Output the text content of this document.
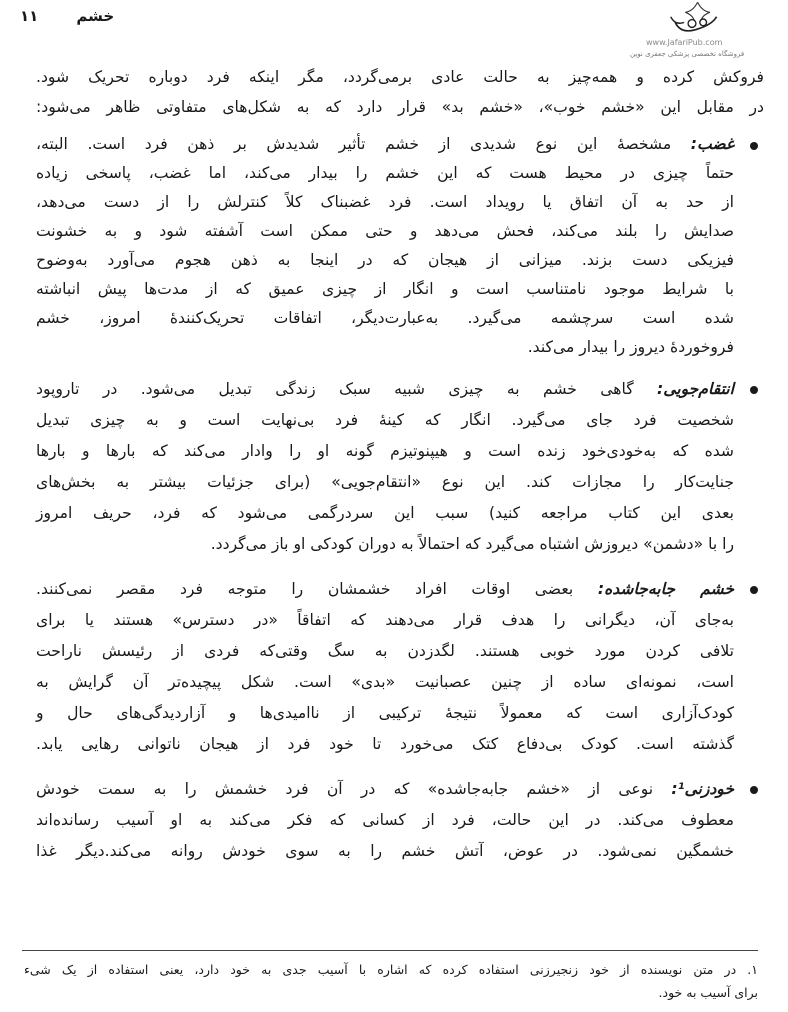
۱۱	خشم
www.JafariPub.com
فروشگاه تخصصی پزشکی جعفری نوین
فروکش کرده و همه‌چیز به حالت عادی برمی‌گردد، مگر اینکه فرد دوباره تحریک شود.
در مقابل این «خشم خوب»، «خشم بد» قرار دارد که به شکل‌های متفاوتی ظاهر می‌شود:
غضب: مشخصهٔ این نوع شدیدی از خشم تأثیر شدیدش بر ذهن فرد است. البته،
حتماً چیزی در محیط هست که این خشم را بیدار می‌کند، اما غضب، پاسخی زیاده
از حد به آن اتفاق یا رویداد است. فرد غضبناک کلاً کنترلش را از دست می‌دهد،
صدایش را بلند می‌کند، فحش می‌دهد و حتی ممکن است آشفته شود و به خشونت
فیزیکی دست بزند. میزانی از هیجان که در اینجا به ذهن هجوم می‌آورد به‌وضوح
با شرایط موجود نامتناسب است و انگار از چیزی عمیق که از مدت‌ها پیش انباشته
شده است سرچشمه می‌گیرد. به‌عبارت‌دیگر، اتفاقات تحریک‌کنندهٔ امروز، خشم
فروخوردهٔ دیروز را بیدار می‌کند.
انتقام‌جویی: گاهی خشم به چیزی شبیه سبک زندگی تبدیل می‌شود. در تاروپود
شخصیت فرد جای می‌گیرد. انگار که کینهٔ فرد بی‌نهایت است و به چیزی تبدیل
شده که به‌خودی‌خود زنده است و هیپنوتیزم گونه او را وادار می‌کند که بارها و بارها
جنایت‌کار را مجازات کند. این نوع «انتقام‌جویی» (برای جزئیات بیشتر به بخش‌های
بعدی این کتاب مراجعه کنید) سبب این سردرگمی می‌شود که فرد، حریف امروز
را با «دشمن» دیروزش اشتباه می‌گیرد که احتمالاً به دوران کودکی او باز می‌گردد.
خشم جابه‌جاشده: بعضی اوقات افراد خشمشان را متوجه فرد مقصر نمی‌کنند.
به‌جای آن، دیگرانی را هدف قرار می‌دهند که اتفاقاً «در دسترس» هستند یا برای
تلافی کردن مورد خوبی هستند. لگدزدن به سگ وقتی‌که فردی از رئیسش ناراحت
است، نمونه‌ای ساده از چنین عصبانیت «بدی» است. شکل پیچیده‌تر آن گرایش به
کودک‌آزاری است که معمولاً نتیجهٔ ترکیبی از ناامیدی‌ها و آزاردیدگی‌های حال و
گذشته است. کودک بی‌دفاع کتک می‌خورد تا خود فرد از هیجان ناتوانی رهایی یابد.
خودزنی¹: نوعی از «خشم جابه‌جاشده» که در آن فرد خشمش را به سمت خودش
معطوف می‌کند. در این حالت، فرد از کسانی که فکر می‌کند به او آسیب رسانده‌اند
خشمگین نمی‌شود. در عوض، آتش خشم را به سوی خودش روانه می‌کند.دیگر غذا
۱. در متن نویسنده از خود زنجیرزنی استفاده کرده که اشاره با آسیب جدی به خود دارد، یعنی استفاده از یک شیء
برای آسیب به خود.
